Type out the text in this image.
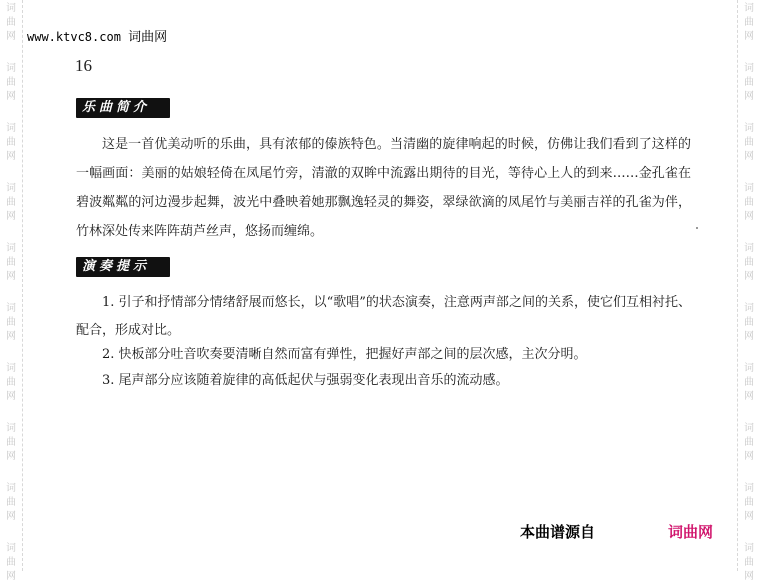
词
曲
网
词
曲
网
词
曲
网
词
曲
网
词
曲
网
词
曲
网
词
曲
网
词
曲
网
词
曲
网
词
曲
网
词
曲
网
词
曲
网
词
曲
网
词
曲
网
词
曲
网
词
曲
网
词
曲
网
词
曲
网
词
曲
网
词
曲
网
www.ktvc8.com 词曲网
16
乐曲简介
这是一首优美动听的乐曲，具有浓郁的傣族特色。当清幽的旋律响起的时候，仿佛让我们看到了这样的一幅画面：美丽的姑娘轻倚在凤尾竹旁，清澈的双眸中流露出期待的目光，等待心上人的到来……金孔雀在碧波粼粼的河边漫步起舞，波光中叠映着她那飘逸轻灵的舞姿，翠绿欲滴的凤尾竹与美丽吉祥的孔雀为伴，竹林深处传来阵阵葫芦丝声，悠扬而缠绵。
演奏提示
1. 引子和抒情部分情绪舒展而悠长，以“歌唱”的状态演奏，注意两声部之间的关系，使它们互相衬托、配合，形成对比。
2. 快板部分吐音吹奏要清晰自然而富有弹性，把握好声部之间的层次感，主次分明。
3. 尾声部分应该随着旋律的高低起伏与强弱变化表现出音乐的流动感。
本曲谱源自	词曲网
